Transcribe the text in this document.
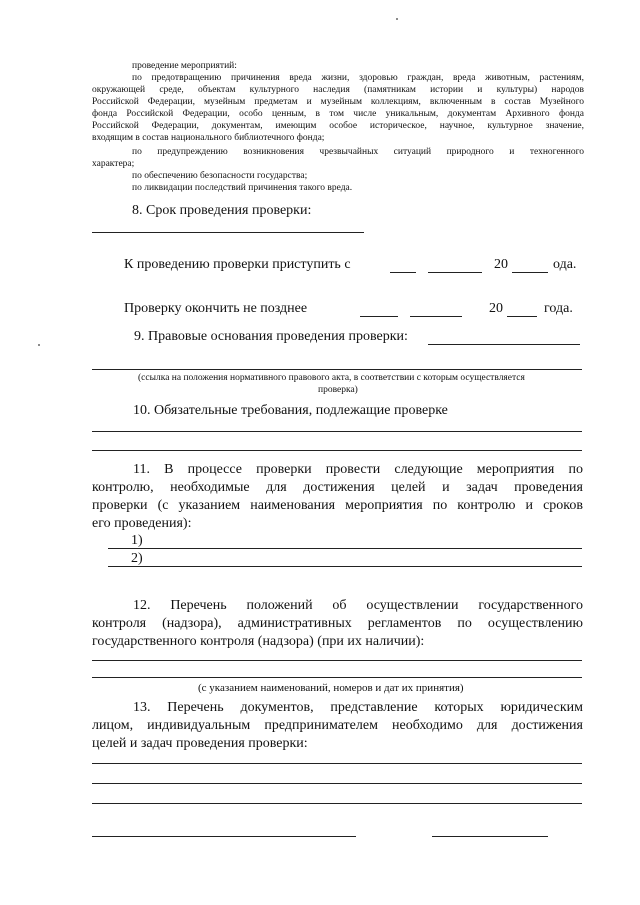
проведение мероприятий:
по предотвращению причинения вреда жизни, здоровью граждан, вреда животным, растениям,
окружающей среде, объектам культурного наследия (памятникам истории и культуры) народов
Российской Федерации, музейным предметам и музейным коллекциям, включенным в состав Музейного
фонда Российской Федерации, особо ценным, в том числе уникальным, документам Архивного фонда
Российской Федерации, документам, имеющим особое историческое, научное, культурное значение,
входящим в состав национального библиотечного фонда;
по предупреждению возникновения чрезвычайных ситуаций природного и техногенного
характера;
по обеспечению безопасности государства;
по ликвидации последствий причинения такого вреда.
8. Срок проведения проверки:
К проведению проверки приступить с	20	ода.
Проверку окончить не позднее	20	года.
9. Правовые основания проведения проверки:
(ссылка на положения нормативного правового акта, в соответствии с которым осуществляется
проверка)
10. Обязательные требования, подлежащие проверке
11. В процессе проверки провести следующие мероприятия по
контролю, необходимые для достижения целей и задач проведения
проверки (с указанием наименования мероприятия по контролю и сроков
его проведения):
1)
2)
12. Перечень положений об осуществлении государственного
контроля (надзора), административных регламентов по осуществлению
государственного контроля (надзора) (при их наличии):
(с указанием наименований, номеров и дат их принятия)
13. Перечень документов, представление которых юридическим
лицом, индивидуальным предпринимателем необходимо для достижения
целей и задач проведения проверки:
